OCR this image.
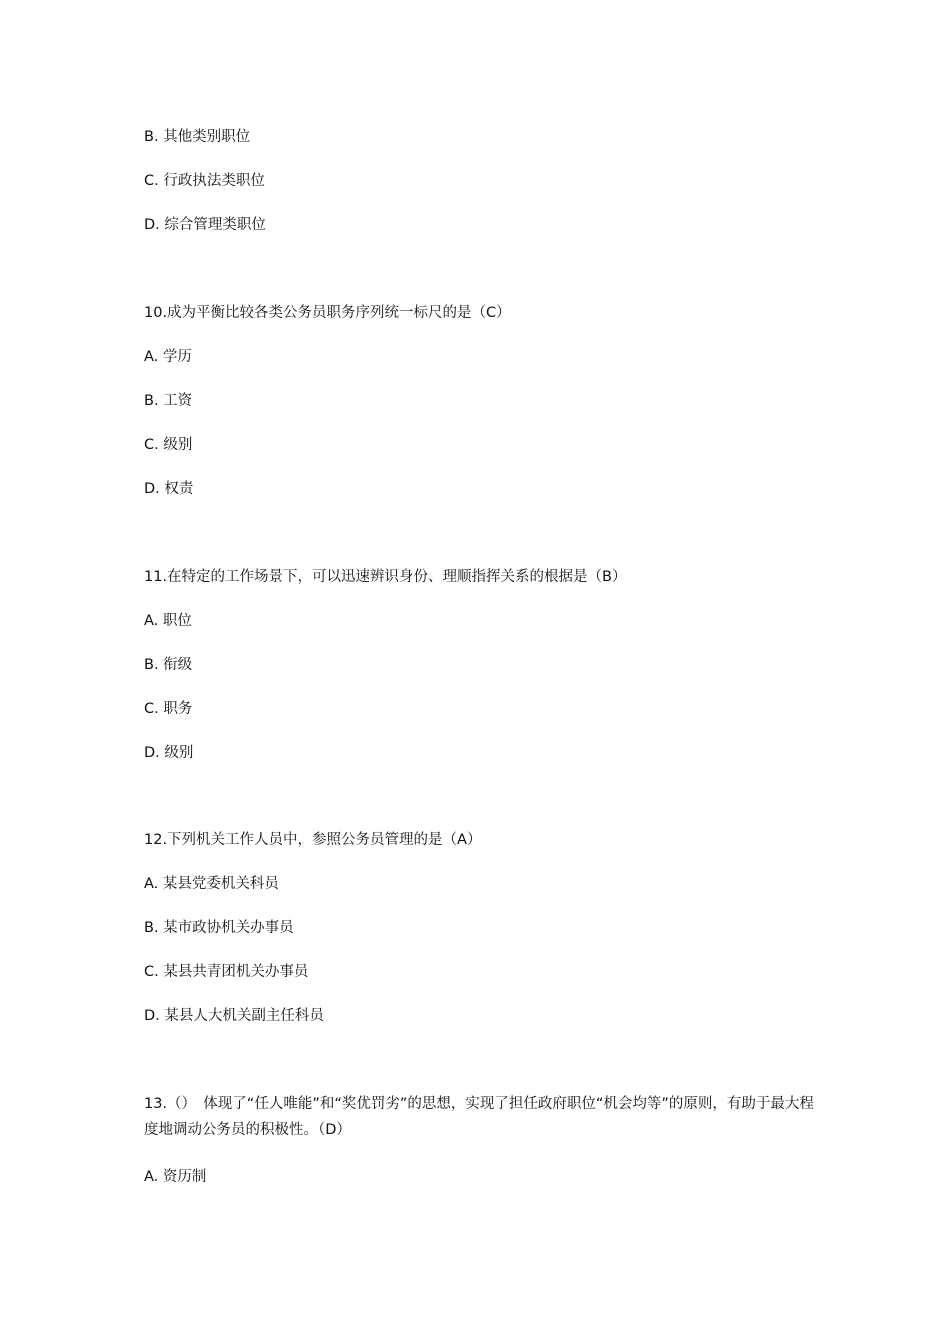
B. 其他类别职位
C. 行政执法类职位
D. 综合管理类职位
10.成为平衡比较各类公务员职务序列统一标尺的是（C）
A. 学历
B. 工资
C. 级别
D. 权责
11.在特定的工作场景下，可以迅速辨识身份、理顺指挥关系的根据是（B）
A. 职位
B. 衔级
C. 职务
D. 级别
12.下列机关工作人员中，参照公务员管理的是（A）
A. 某县党委机关科员
B. 某市政协机关办事员
C. 某县共青团机关办事员
D. 某县人大机关副主任科员
13.（）　体现了“任人唯能”和“奖优罚劣”的思想，实现了担任政府职位“机会均等”的原则，有助于最大程度地调动公务员的积极性。（D）
A. 资历制
